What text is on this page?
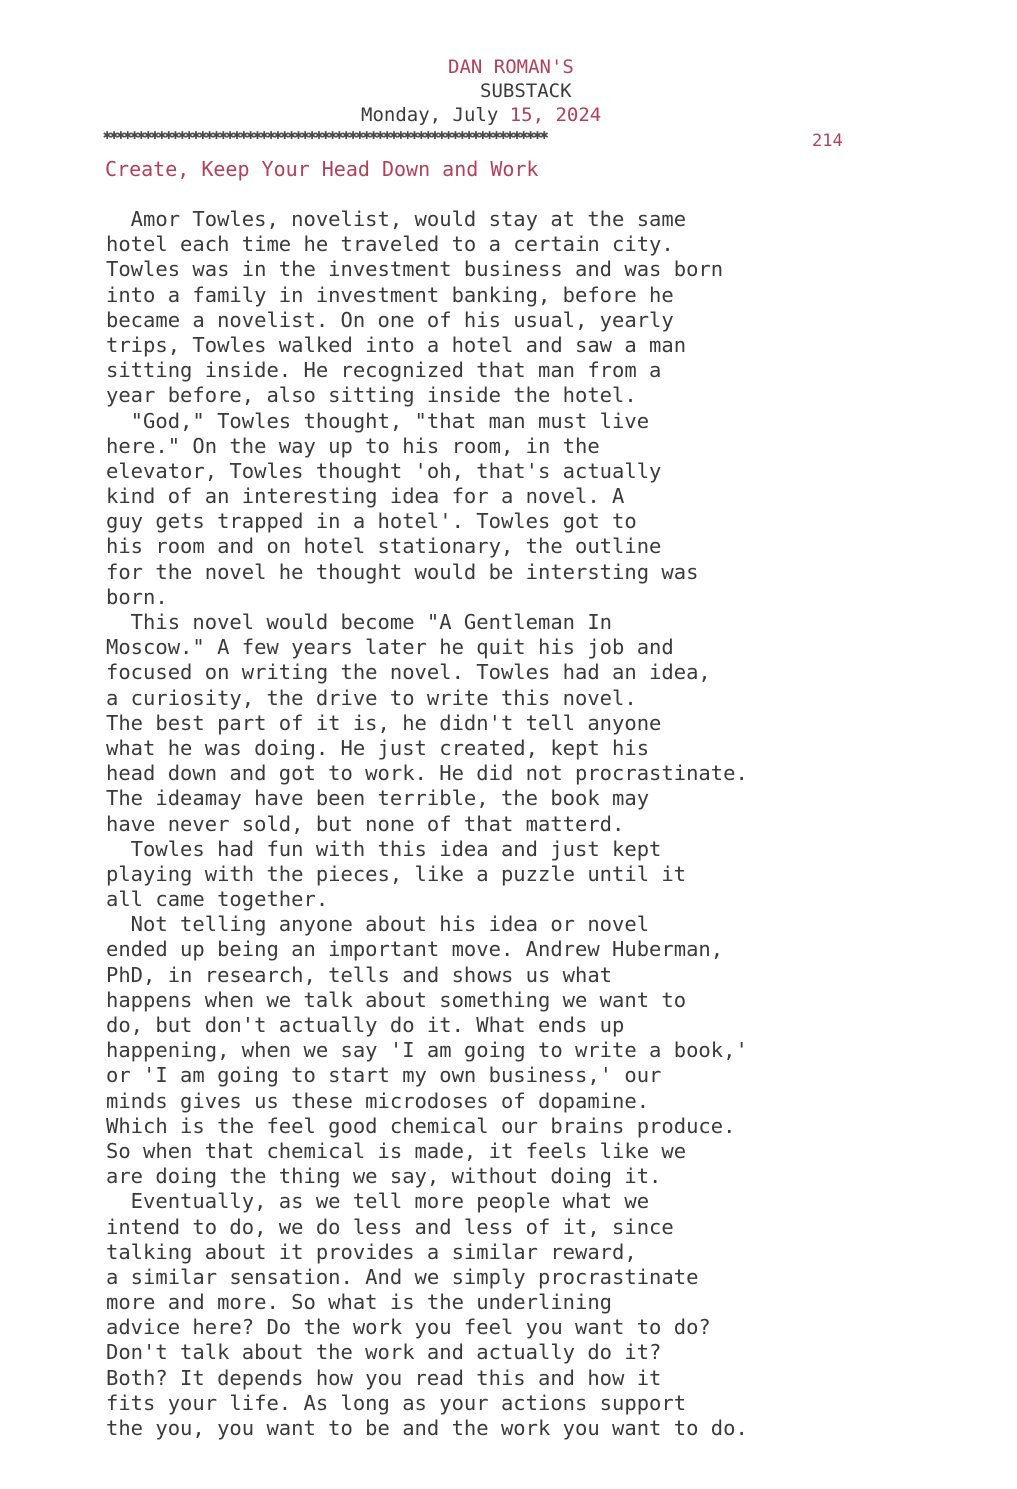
DAN ROMAN'S
SUBSTACK
Monday, July 15, 2024
✱✱✱✱✱✱✱✱✱✱✱✱✱✱✱✱✱✱✱✱✱✱✱✱✱✱✱✱✱✱✱✱✱✱✱✱✱✱✱✱✱✱✱✱✱✱✱✱✱✱✱✱✱✱✱✱✱✱✱✱✱✱✱✱✱	214
Create, Keep Your Head Down and Work
Amor Towles, novelist, would stay at the same
hotel each time he traveled to a certain city.
Towles was in the investment business and was born
into a family in investment banking, before he
became a novelist. On one of his usual, yearly
trips, Towles walked into a hotel and saw a man
sitting inside. He recognized that man from a
year before, also sitting inside the hotel.
"God," Towles thought, "that man must live
here." On the way up to his room, in the
elevator, Towles thought 'oh, that's actually
kind of an interesting idea for a novel. A
guy gets trapped in a hotel'. Towles got to
his room and on hotel stationary, the outline
for the novel he thought would be intersting was
born.
This novel would become "A Gentleman In
Moscow." A few years later he quit his job and
focused on writing the novel. Towles had an idea,
a curiosity, the drive to write this novel.
The best part of it is, he didn't tell anyone
what he was doing. He just created, kept his
head down and got to work. He did not procrastinate.
The ideamay have been terrible, the book may
have never sold, but none of that matterd.
Towles had fun with this idea and just kept
playing with the pieces, like a puzzle until it
all came together.
Not telling anyone about his idea or novel
ended up being an important move. Andrew Huberman,
PhD, in research, tells and shows us what
happens when we talk about something we want to
do, but don't actually do it. What ends up
happening, when we say 'I am going to write a book,'
or 'I am going to start my own business,' our
minds gives us these microdoses of dopamine.
Which is the feel good chemical our brains produce.
So when that chemical is made, it feels like we
are doing the thing we say, without doing it.
Eventually, as we tell more people what we
intend to do, we do less and less of it, since
talking about it provides a similar reward,
a similar sensation. And we simply procrastinate
more and more. So what is the underlining
advice here? Do the work you feel you want to do?
Don't talk about the work and actually do it?
Both? It depends how you read this and how it
fits your life. As long as your actions support
the you, you want to be and the work you want to do.
